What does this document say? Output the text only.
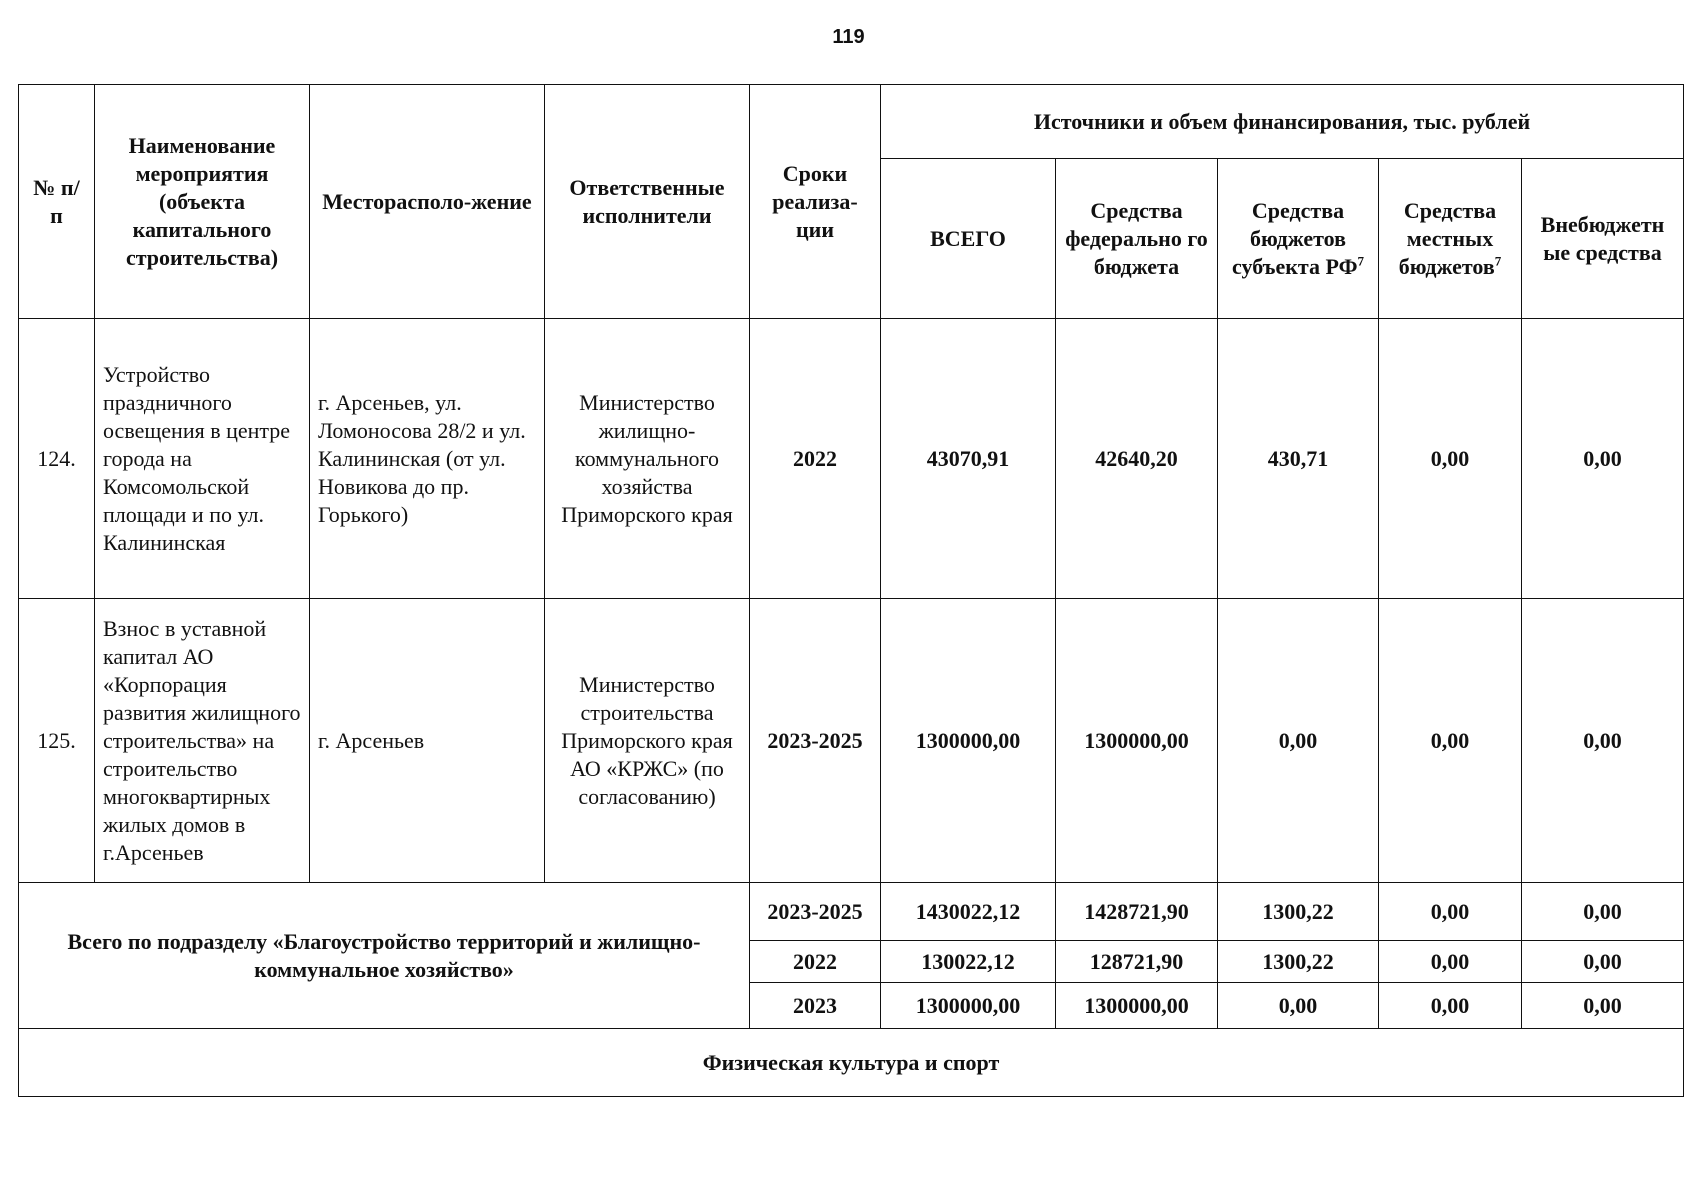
119
№ п/п	Наименование мероприятия (объекта капитального строительства)	Месторасполо-жение	Ответственные исполнители	Сроки реализа-ции	Источники и объем финансирования, тыс. рублей				
					ВСЕГО	Средства федерально го бюджета	Средства бюджетов субъекта $РФ^7$	Средства местных бюджетов$^7$	Внебюджетн ые средства
124.	Устройство праздничного освещения в центре города на Комсомольской площади и по ул. Калининская	г. Арсеньев, ул. Ломоносова 28/2 и ул. Калининская (от ул. Новикова до пр. Горького)	Министерство жилищно-коммунального хозяйства Приморского края	2022	43070,91	42640,20	430,71	0,00	0,00
125.	Взнос в уставной капитал АО «Корпорация развития жилищного строительства» на строительство многоквартирных жилых домов в г.Арсеньев	г. Арсеньев	Министерство строительства Приморского края АО «КРЖС» (по согласованию)	2023-2025	1300000,00	1300000,00	0,00	0,00	0,00
Всего по подразделу «Благоустройство территорий и жилищно-коммунальное хозяйство»				2023-2025	1430022,12	1428721,90	1300,22	0,00	0,00
				2022	130022,12	128721,90	1300,22	0,00	0,00
				2023	1300000,00	1300000,00	0,00	0,00	0,00
Физическая культура и спорт									
